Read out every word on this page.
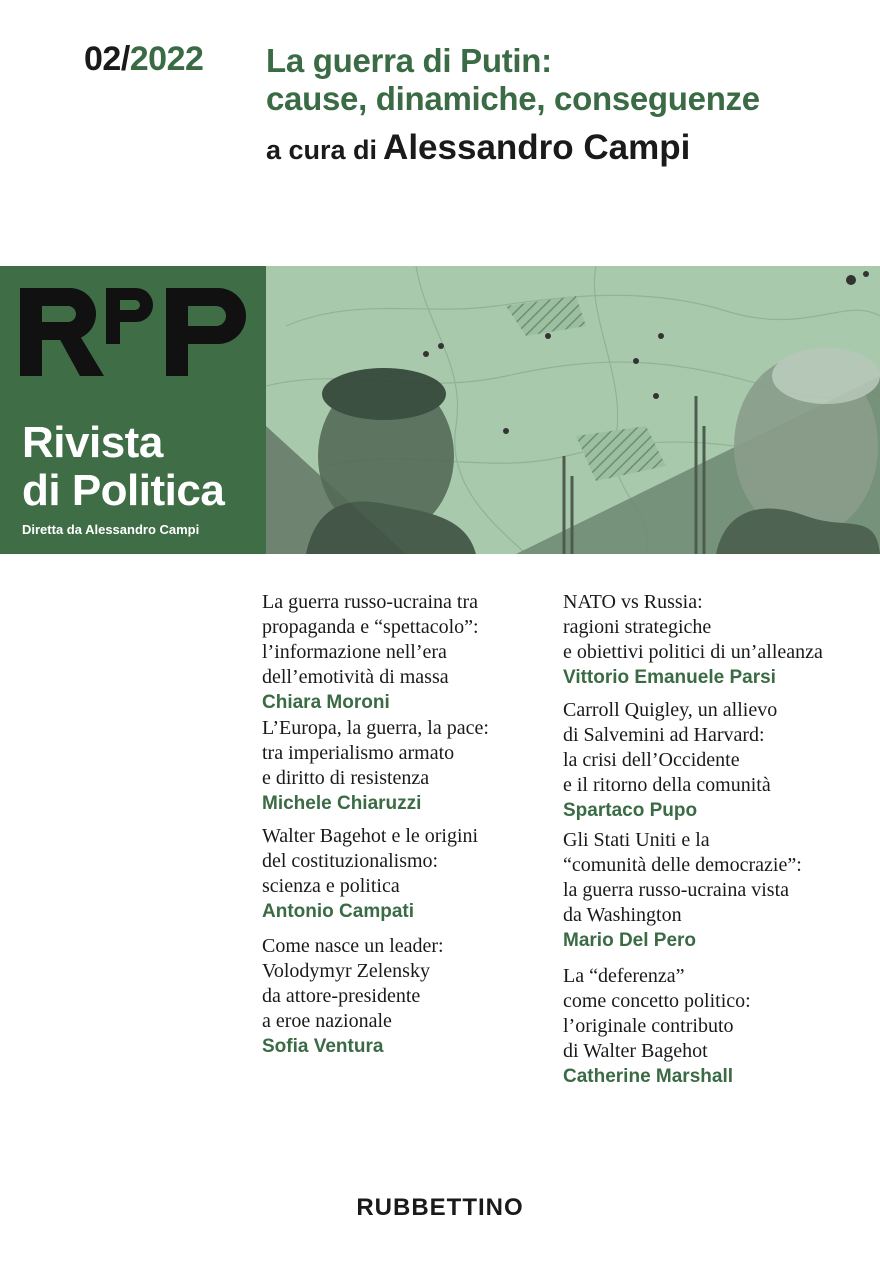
02/2022 La guerra di Putin:
cause, dinamiche, conseguenze
a cura di Alessandro Campi
Rivista
di Politica
Diretta da Alessandro Campi

La guerra russo-ucraina tra
propaganda e “spettacolo”:
l’informazione nell’era
dell’emotività di massa

Chiara Moroni

L’Europa, la guerra, la pace:
tra imperialismo armato
e diritto di resistenza

Michele Chiaruzzi

Walter Bagehot e le origini
del costituzionalismo:
scienza e politica

Antonio Campati

Come nasce un leader:
Volodymyr Zelensky
da attore-presidente
a eroe nazionale

Sofia Ventura

NATO vs Russia:
ragioni strategiche
e obiettivi politici di un’alleanza

Vittorio Emanuele Parsi

Carroll Quigley, un allievo
di Salvemini ad Harvard:
la crisi dell’Occidente
e il ritorno della comunità

Spartaco Pupo

Gli Stati Uniti e la
“comunità delle democrazie”:
la guerra russo-ucraina vista
da Washington

Mario Del Pero

La “deferenza”
come concetto politico:
l’originale contributo
di Walter Bagehot

Catherine Marshall
RUBBETTINO
